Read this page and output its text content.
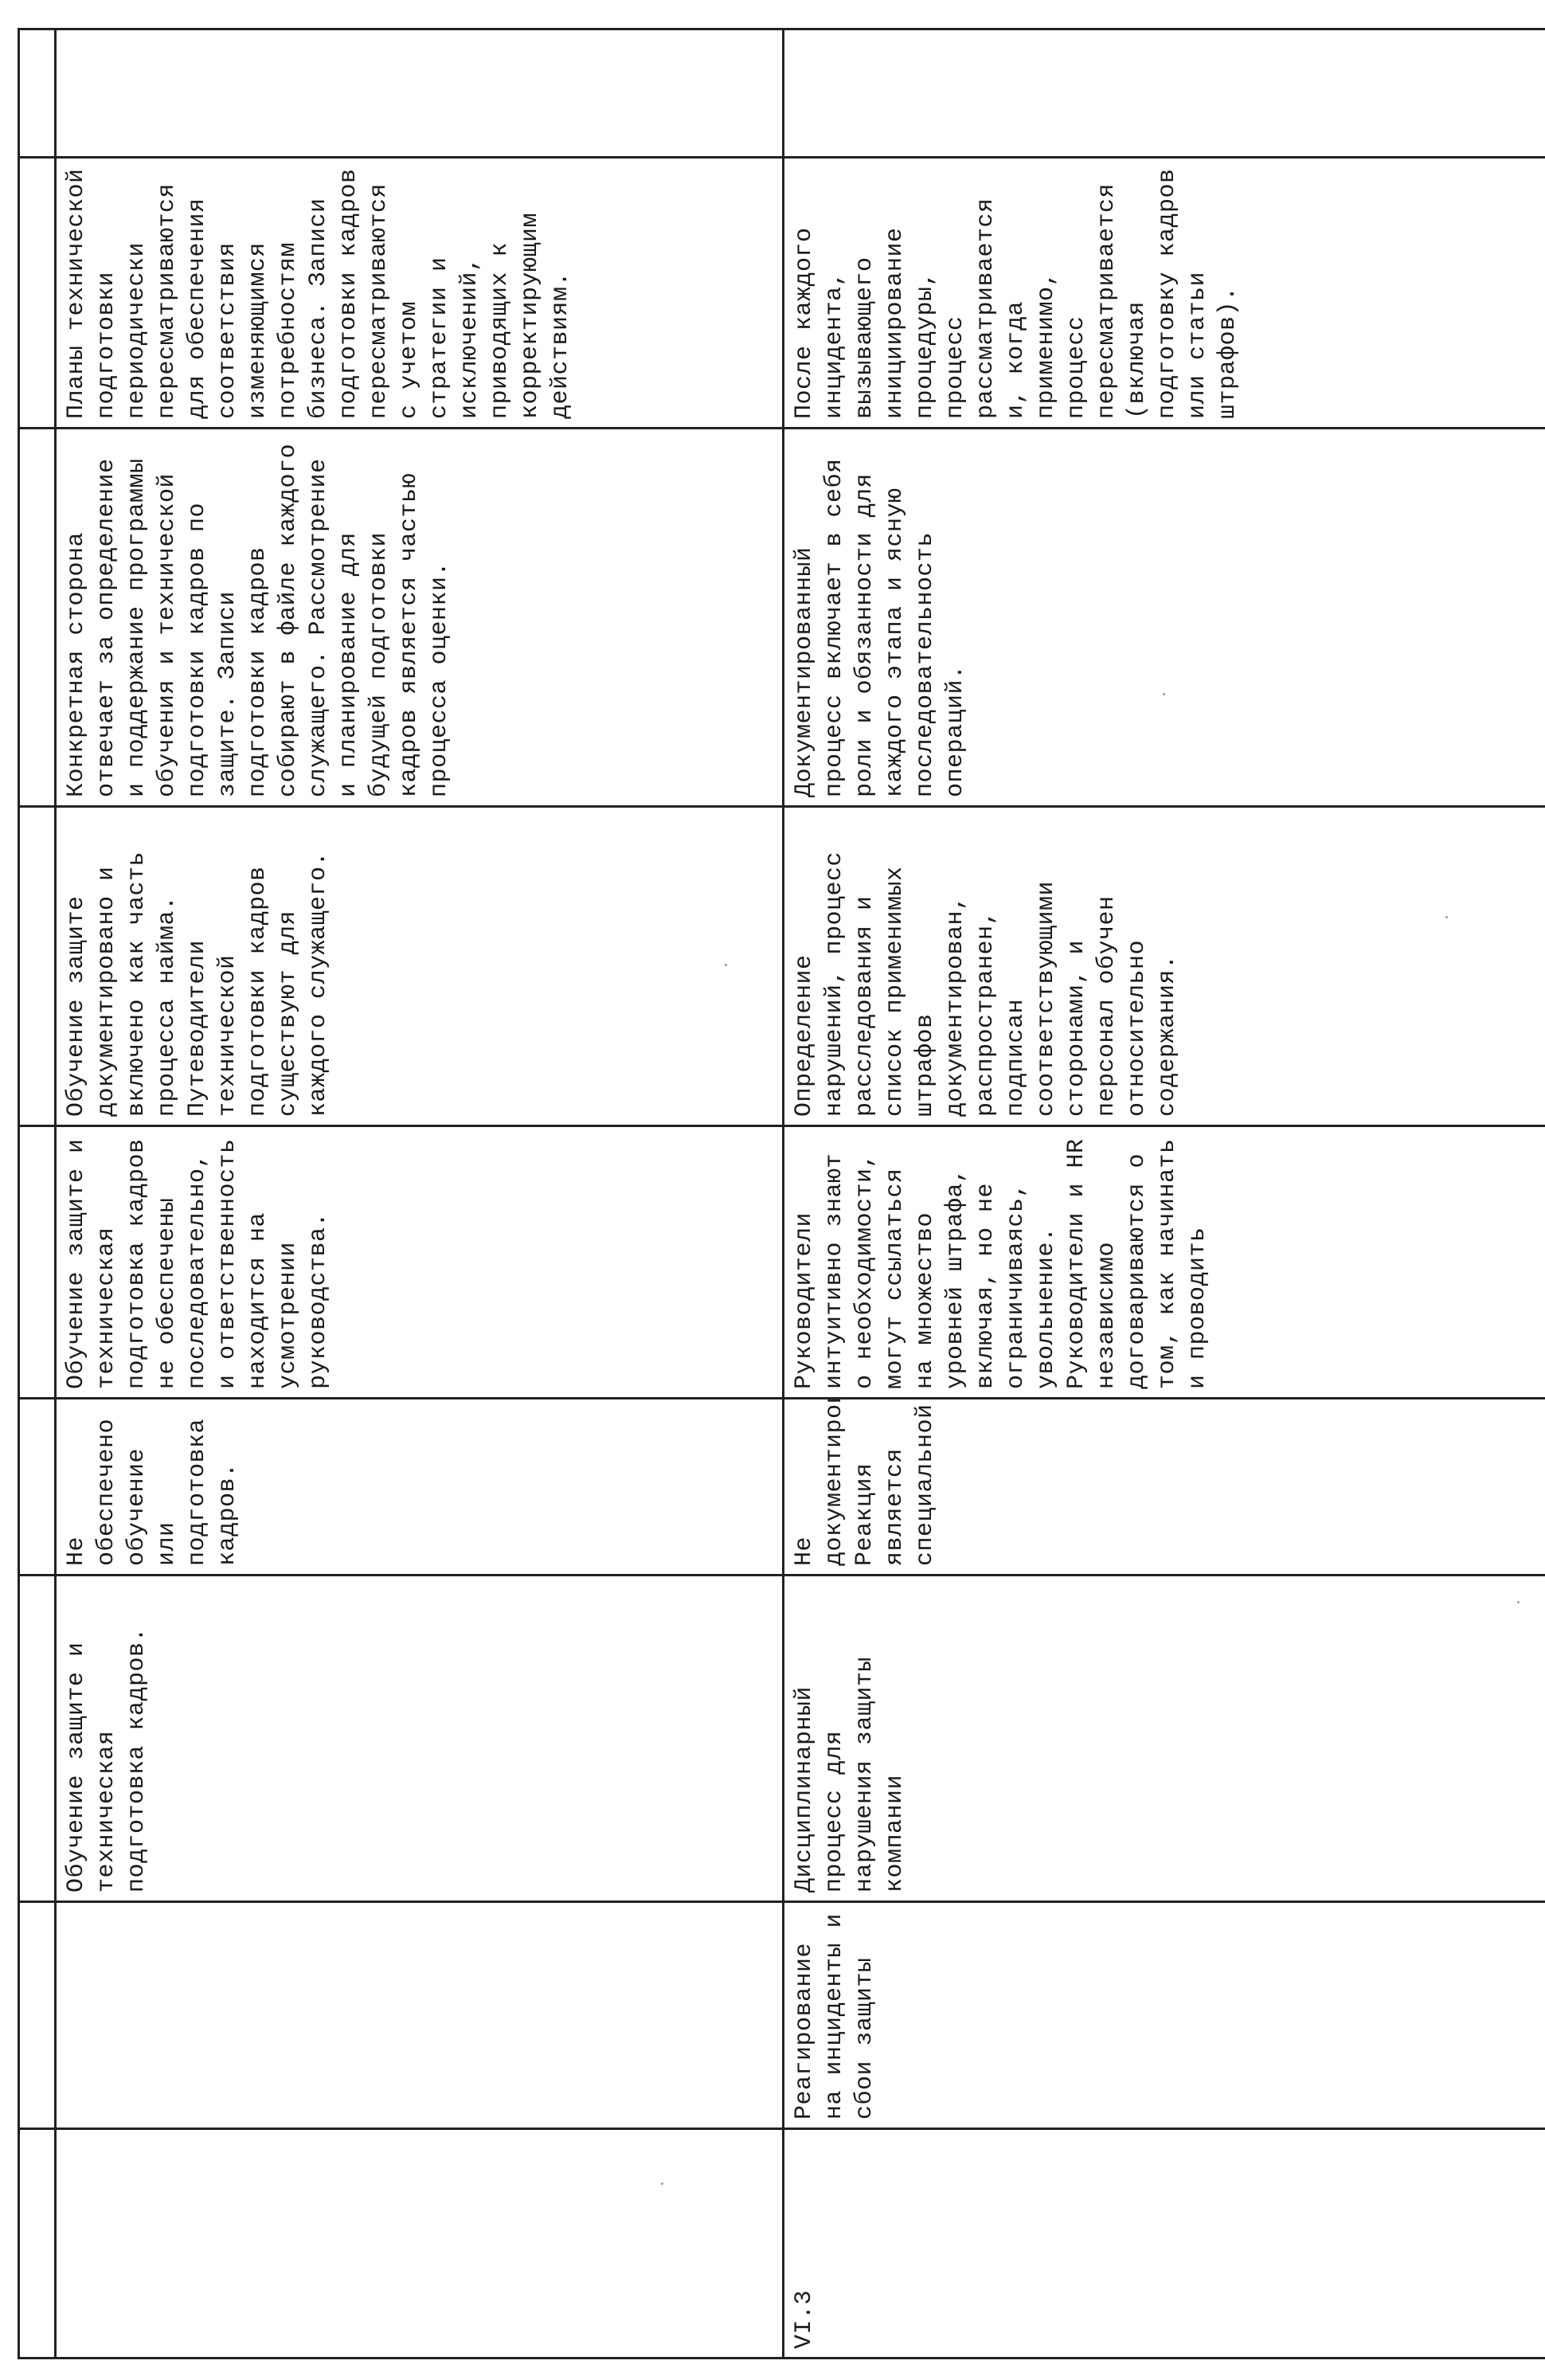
Обучение защите и техническая подготовка кадров.

Не обеспечено обучение или подготовка кадров.

Обучение защите и техническая подготовка кадров не обеспечены последовательно, и ответственность находится на усмотрении руководства.

Обучение защите документировано и включено как часть процесса найма. Путеводители технической подготовки кадров существуют для каждого служащего.

Конкретная сторона отвечает за определение и поддержание программы обучения и технической подготовки кадров по защите. Записи подготовки кадров собирают в файле каждого служащего. Рассмотрение и планирование для будущей подготовки кадров является частью процесса оценки.

Планы технической подготовки периодически пересматриваются для обеспечения соответствия изменяющимся потребностям бизнеса. Записи подготовки кадров пересматриваются с учетом стратегии и исключений, приводящих к корректирующим действиям.

VI.3

Реагирование на инциденты и сбои защиты

Дисциплинарный процесс для нарушения защиты компании

Не документировано. Реакция является специальной.

Руководители интуитивно знают о необходимости, могут ссылаться на множество уровней штрафа, включая, но не ограничиваясь, увольнение. Руководители и HR независимо договариваются о том, как начинать и проводить

Определение нарушений, процесс расследования и список применимых штрафов документирован, распространен, подписан соответствующими сторонами, и персонал обучен относительно содержания.

Документированный процесс включает в себя роли и обязанности для каждого этапа и ясную последовательность операций.

После каждого инцидента, вызывающего инициирование процедуры, процесс рассматривается и, когда применимо, процесс пересматривается (включая подготовку кадров или статьи штрафов).
